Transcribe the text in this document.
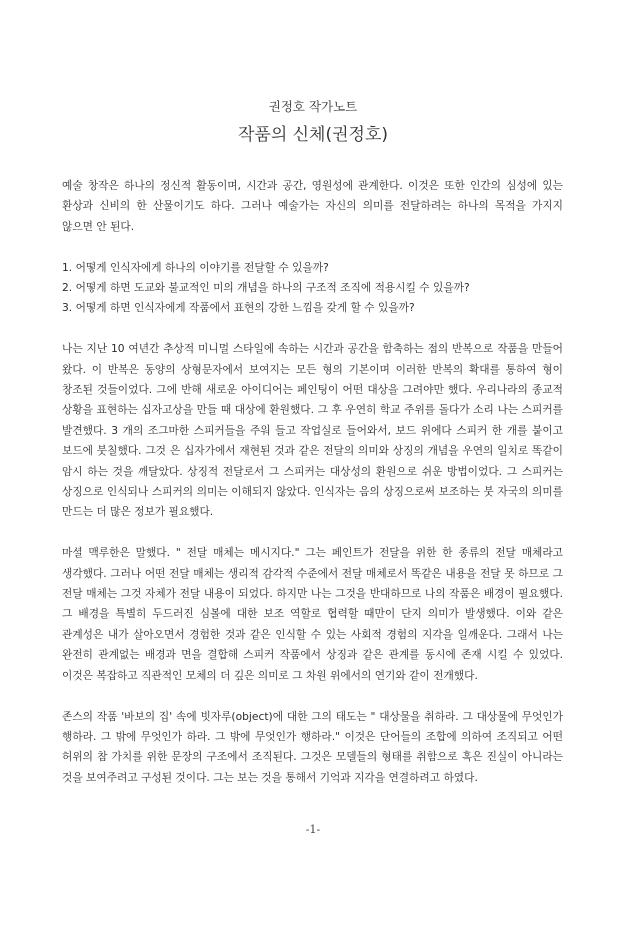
권정호 작가노트
작품의 신체(권정호)

예술 창작은 하나의 정신적 활동이며, 시간과 공간, 영원성에 관계한다. 이것은 또한 인간의 심성에 있는 환상과 신비의 한 산물이기도 하다. 그러나 예술가는 자신의 의미를 전달하려는 하나의 목적을 가지지 않으면 안 된다.

1. 어떻게 인식자에게 하나의 이야기를 전달할 수 있을까?
2. 어떻게 하면 도교와 불교적인 미의 개념을 하나의 구조적 조직에 적용시킬 수 있을까?
3. 어떻게 하면 인식자에게 작품에서 표현의 강한 느낌을 갖게 할 수 있을까?

나는 지난 10 여년간 추상적 미니멀 스타일에 속하는 시간과 공간을 함축하는 점의 반복으로 작품을 만들어 왔다. 이 반복은 동양의 상형문자에서 보여지는 모든 형의 기본이며 이러한 반복의 확대를 통하여 형이 창조된 것들이었다. 그에 반해 새로운 아이디어는 페인팅이 어떤 대상을 그려야만 했다. 우리나라의 종교적 상황을 표현하는 십자고상을 만들 때 대상에 환원했다. 그 후 우연히 학교 주위를 돌다가 소리 나는 스피커를 발견했다. 3 개의 조그마한 스피커들을 주워 들고 작업실로 들어와서, 보드 위에다 스피커 한 개를 붙이고 보드에 붓칠했다. 그것 은 십자가에서 재현된 것과 같은 전달의 의미와 상징의 개념을 우연의 일치로 똑같이 암시 하는 것을 깨달았다. 상징적 전달로서 그 스피커는 대상성의 환원으로 쉬운 방법이었다. 그 스피커는 상징으로 인식되나 스피커의 의미는 이해되지 않았다. 인식자는 음의 상징으로써 보조하는 붓 자국의 의미를 만드는 더 많은 정보가 필요했다.

마셜 맥루한은 말했다. " 전달 매체는 메시지다." 그는 페인트가 전달을 위한 한 종류의 전달 매체라고 생각했다. 그러나 어떤 전달 매체는 생리적 감각적 수준에서 전달 매체로서 똑같은 내용을 전달 못 하므로 그 전달 매체는 그것 자체가 전달 내용이 되었다. 하지만 나는 그것을 반대하므로 나의 작품은 배경이 필요했다. 그 배경을 특별히 두드러진 심볼에 대한 보조 역할로 협력할 때만이 단지 의미가 발생했다. 이와 같은 관계성은 내가 살아오면서 경험한 것과 같은 인식할 수 있는 사회적 경험의 지각을 일깨운다. 그래서 나는 완전히 관계없는 배경과 면을 결합해 스피커 작품에서 상징과 같은 관계를 동시에 존재 시킬 수 있었다. 이것은 복잡하고 직관적인 모체의 더 깊은 의미로 그 차원 위에서의 연기와 같이 전개했다.

존스의 작품 '바보의 집' 속에 빗자루(object)에 대한 그의 태도는 " 대상물을 취하라. 그 대상물에 무엇인가 행하라. 그 밖에 무엇인가 하라. 그 밖에 무엇인가 행하라." 이것은 단어들의 조합에 의하여 조직되고 어떤 허위의 참 가치를 위한 문장의 구조에서 조직된다. 그것은 모델들의 형태를 취함으로 혹은 진실이 아니라는 것을 보여주려고 구성된 것이다. 그는 보는 것을 통해서 기억과 지각을 연결하려고 하였다.

-1-
